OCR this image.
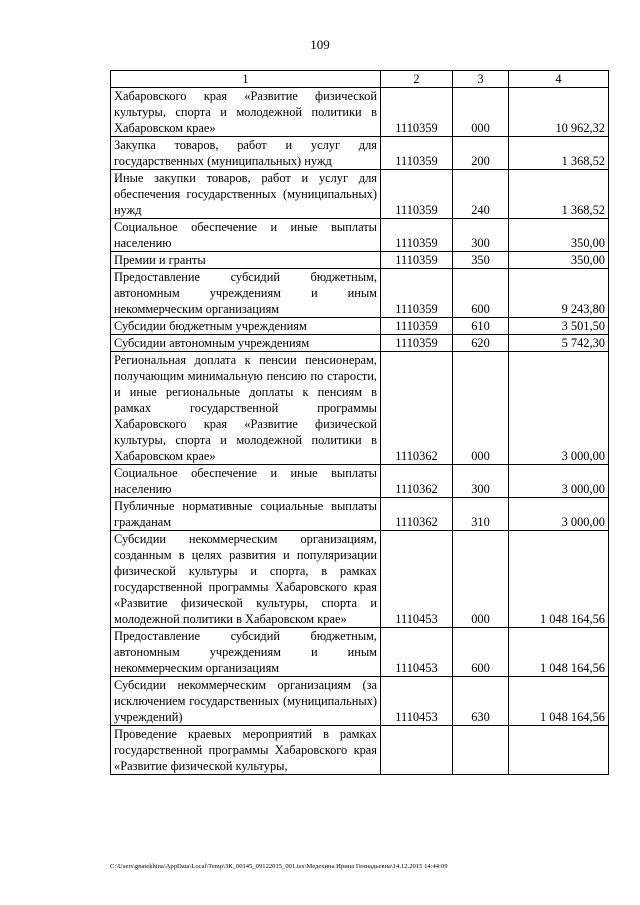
109
1	2	3	4
Хабаровского края «Развитие физической культуры, спорта и молодежной политики в Хабаровском крае»	1110359	000	10 962,32
Закупка товаров, работ и услуг для государственных (муниципальных) нужд	1110359	200	1 368,52
Иные закупки товаров, работ и услуг для обеспечения государственных (муниципальных) нужд	1110359	240	1 368,52
Социальное обеспечение и иные выплаты населению	1110359	300	350,00
Премии и гранты	1110359	350	350,00
Предоставление субсидий бюджетным, автономным учреждениям и иным некоммерческим организациям	1110359	600	9 243,80
Субсидии бюджетным учреждениям	1110359	610	3 501,50
Субсидии автономным учреждениям	1110359	620	5 742,30
Региональная доплата к пенсии пенсионерам, получающим минимальную пенсию по старости, и иные региональные доплаты к пенсиям в рамках государственной программы Хабаровского края «Развитие физической культуры, спорта и молодежной политики в Хабаровском крае»	1110362	000	3 000,00
Социальное обеспечение и иные выплаты населению	1110362	300	3 000,00
Публичные нормативные социальные выплаты гражданам	1110362	310	3 000,00
Субсидии некоммерческим организациям, созданным в целях развития и популяризации физической культуры и спорта, в рамках государственной программы Хабаровского края «Развитие физической культуры, спорта и молодежной политики в Хабаровском крае»	1110453	000	1 048 164,56
Предоставление субсидий бюджетным, автономным учреждениям и иным некоммерческим организациям	1110453	600	1 048 164,56
Субсидии некоммерческим организациям (за исключением государственных (муниципальных) учреждений)	1110453	630	1 048 164,56
Проведение краевых мероприятий в рамках государственной программы Хабаровского края «Развитие физической культуры,			
C:\Users\gnatekhina\AppData\Local\Temp\ЗК_00145_09122015_001.tsx\Медехина Ирина Геннадьевна\14.12.2015 14:44:09
